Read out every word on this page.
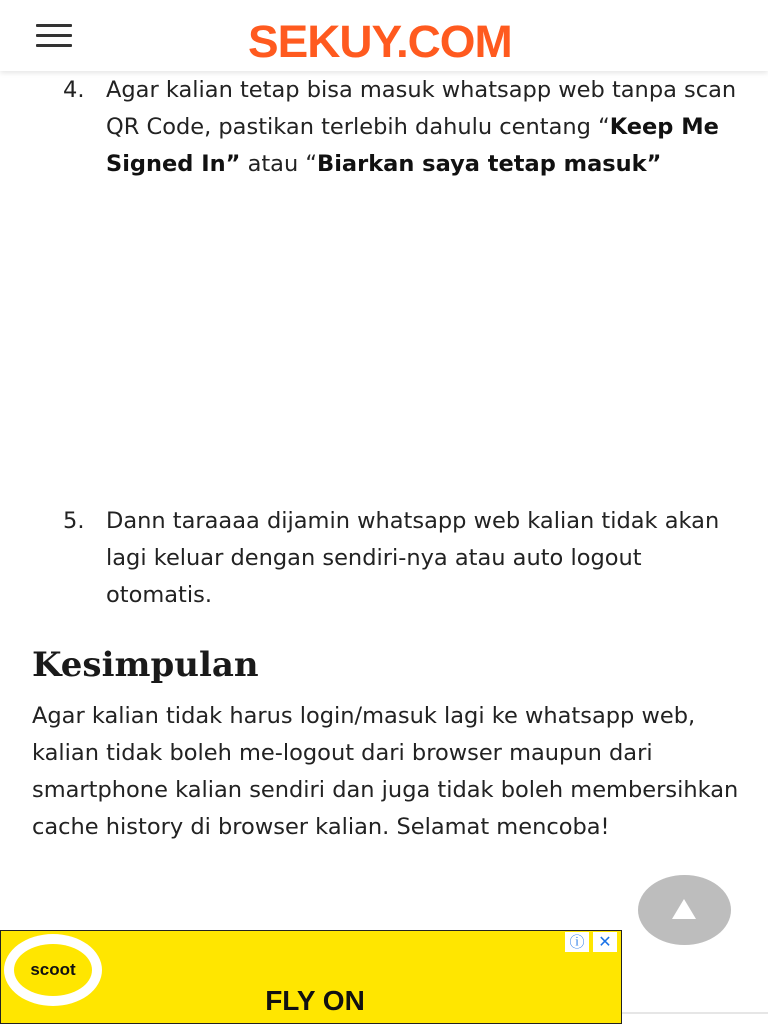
SEKUY.COM
4. Agar kalian tetap bisa masuk whatsapp web tanpa scan QR Code, pastikan terlebih dahulu centang “Keep Me Signed In” atau “Biarkan saya tetap masuk”
5. Dann taraaaa dijamin whatsapp web kalian tidak akan lagi keluar dengan sendiri-nya atau auto logout otomatis.
Kesimpulan
Agar kalian tidak harus login/masuk lagi ke whatsapp web, kalian tidak boleh me-logout dari browser maupun dari smartphone kalian sendiri dan juga tidak boleh membersihkan cache history di browser kalian. Selamat mencoba!
scoot
FLY ON
ⓘ ✕
